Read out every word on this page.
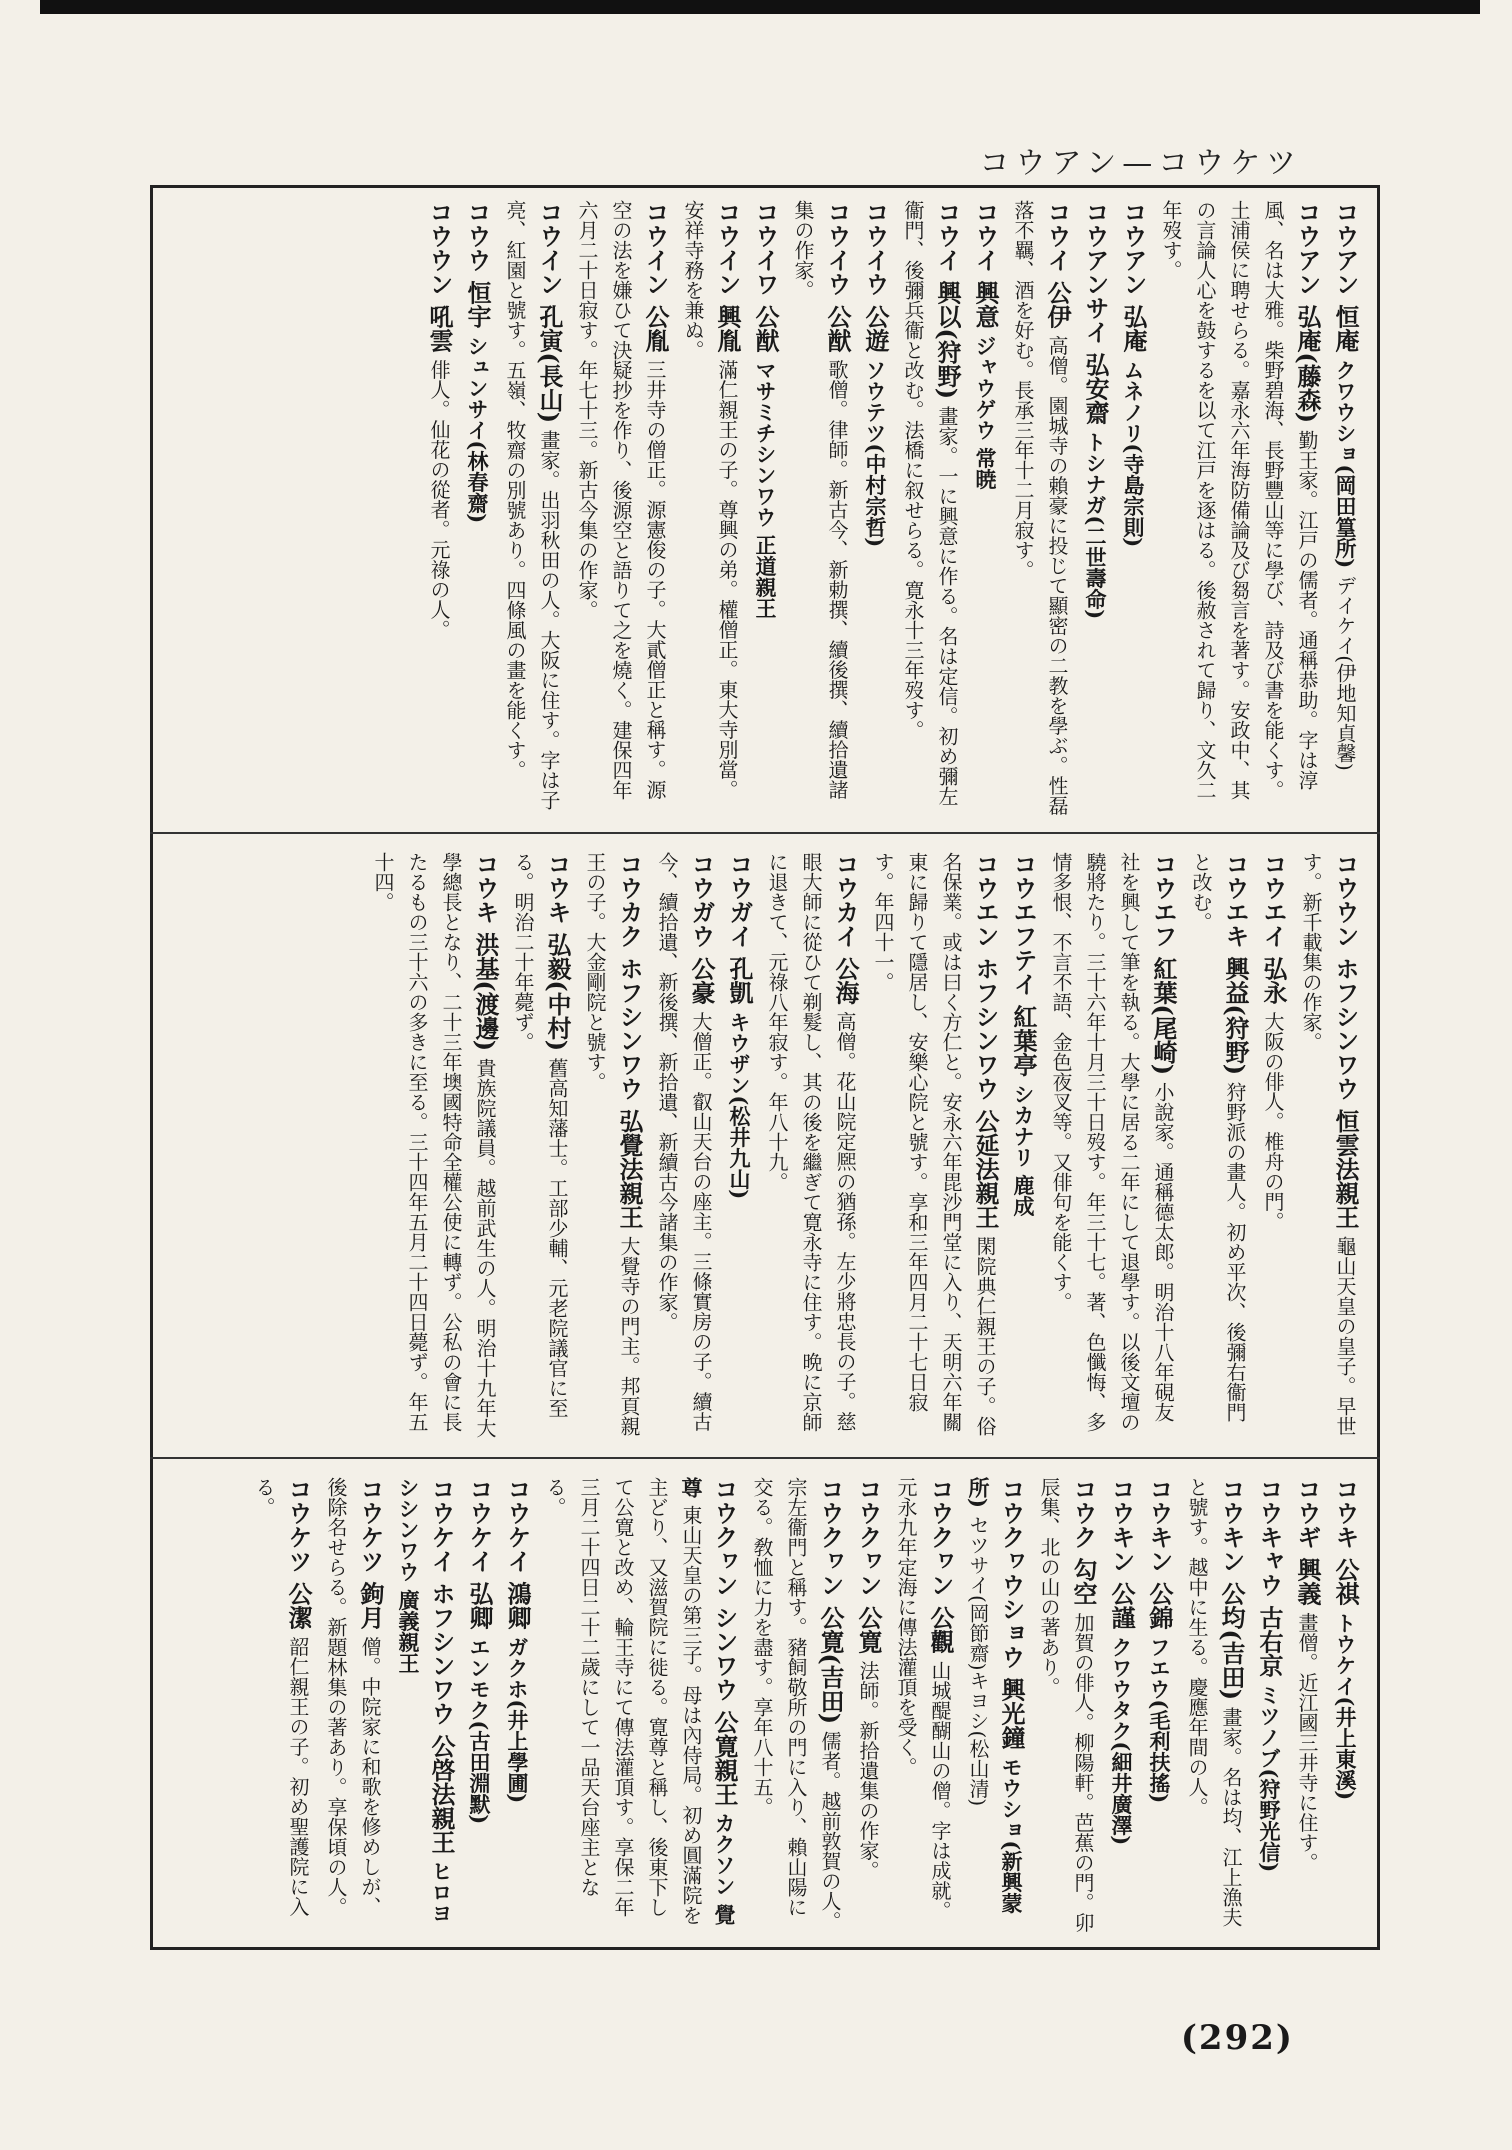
コウアン—コウケツ
コウアン 恒庵 クワウショ(岡田篁所) デイケイ(伊地知貞馨)
コウアン 弘庵(藤森) 勤王家。江戸の儒者。通稱恭助。字は淳風、名は大雅。柴野碧海、長野豐山等に學び、詩及び書を能くす。土浦侯に聘せらる。嘉永六年海防備論及び芻言を著す。安政中、其の言論人心を鼓するを以て江戸を逐はる。後赦されて歸り、文久二年歿す。
コウアン 弘庵 ムネノリ(寺島宗則)
コウアンサイ 弘安齋 トシナガ(二世壽命)
コウイ 公伊 高僧。園城寺の賴豪に投じて顯密の二教を學ぶ。性磊落不羈、酒を好む。長承三年十二月寂す。
コウイ 興意 ジャウゲウ 常暁
コウイ 興以(狩野) 畫家。一に興意に作る。名は定信。初め彌左衞門、後彌兵衞と改む。法橋に叙せらる。寛永十三年歿す。
コウイウ 公遊 ソウテツ(中村宗哲)
コウイウ 公猷 歌僧。律師。新古今、新勅撰、續後撰、續拾遺諸集の作家。
コウイワ 公猷 マサミチシンワウ 正道親王
コウイン 興胤 滿仁親王の子。尊興の弟。權僧正。東大寺別當。安祥寺務を兼ぬ。
コウイン 公胤 三井寺の僧正。源憲俊の子。大貳僧正と稱す。源空の法を嫌ひて決疑抄を作り、後源空と語りて之を燒く。建保四年六月二十日寂す。年七十三。新古今集の作家。
コウイン 孔寅(長山) 畫家。出羽秋田の人。大阪に住す。字は子亮、紅園と號す。五嶺、牧齋の別號あり。四條風の畫を能くす。
コウウ 恒宇 シュンサイ(林春齋)
コウウン 吼雲 俳人。仙花の從者。元祿の人。
コウウン ホフシンワウ 恒雲法親王 龜山天皇の皇子。早世す。新千載集の作家。
コウエイ 弘永 大阪の俳人。椎舟の門。
コウエキ 興益(狩野) 狩野派の畫人。初め平次、後彌右衞門と改む。
コウエフ 紅葉(尾崎) 小說家。通稱德太郎。明治十八年硯友社を興して筆を執る。大學に居る二年にして退學す。以後文壇の驍將たり。三十六年十月三十日歿す。年三十七。著、色懺悔、多情多恨、不言不語、金色夜叉等。又俳句を能くす。
コウエフテイ 紅葉亭 シカナリ 鹿成
コウエン ホフシンワウ 公延法親王 閑院典仁親王の子。俗名保業。或は曰く方仁と。安永六年毘沙門堂に入り、天明六年關東に歸りて隱居し、安樂心院と號す。享和三年四月二十七日寂す。年四十一。
コウカイ 公海 高僧。花山院定熈の猶孫。左少將忠長の子。慈眼大師に從ひて剃髮し、其の後を繼ぎて寛永寺に住す。晩に京師に退きて、元祿八年寂す。年八十九。
コウガイ 孔凱 キウザン(松井九山)
コウガウ 公豪 大僧正。叡山天台の座主。三條實房の子。續古今、續拾遺、新後撰、新拾遺、新續古今諸集の作家。
コウカク ホフシンワウ 弘覺法親王 大覺寺の門主。邦頁親王の子。大金剛院と號す。
コウキ 弘毅(中村) 舊高知藩士。工部少輔、元老院議官に至る。明治二十年薨ず。
コウキ 洪基(渡邊) 貴族院議員。越前武生の人。明治十九年大學總長となり、二十三年墺國特命全權公使に轉ず。公私の會に長たるもの三十六の多きに至る。三十四年五月二十四日薨ず。年五十四。
コウキ 公祺 トウケイ(井上東溪)
コウギ 興義 畫僧。近江國三井寺に住す。
コウキャウ 古右京 ミツノブ(狩野光信)
コウキン 公均(吉田) 畫家。名は均、江上漁夫と號す。越中に生る。慶應年間の人。
コウキン 公錦 フエウ(毛利扶搖)
コウキン 公謹 クワウタク(細井廣澤)
コウク 勾空 加賀の俳人。柳陽軒。芭蕉の門。卯辰集、北の山の著あり。
コウクヮウショウ 興光鐘 モウショ(新興蒙所) セツサイ(岡節齋)キヨシ(松山清)
コウクヮン 公觀 山城醍醐山の僧。字は成就。元永九年定海に傳法灌頂を受く。
コウクヮン 公寛 法師。新拾遺集の作家。
コウクヮン 公寛(吉田) 儒者。越前敦賀の人。宗左衞門と稱す。豬飼敬所の門に入り、賴山陽に交る。敎恤に力を盡す。享年八十五。
コウクヮン シンワウ 公寛親王 カクソン 覺尊 東山天皇の第三子。母は內侍局。初め圓滿院を主どり、又滋賀院に徙る。寛尊と稱し、後東下して公寛と改め、輪王寺にて傳法灌頂す。享保二年三月二十四日二十二歲にして一品天台座主となる。
コウケイ 鴻卿 ガクホ(井上學圃)
コウケイ 弘卿 エンモク(古田淵默)
コウケイ ホフシンワウ 公啓法親王 ヒロヨシシンワウ 廣義親王
コウケツ 鉤月 僧。中院家に和歌を修めしが、後除名せらる。新題林集の著あり。享保頃の人。
コウケツ 公潔 韶仁親王の子。初め聖護院に入る。
(292)
